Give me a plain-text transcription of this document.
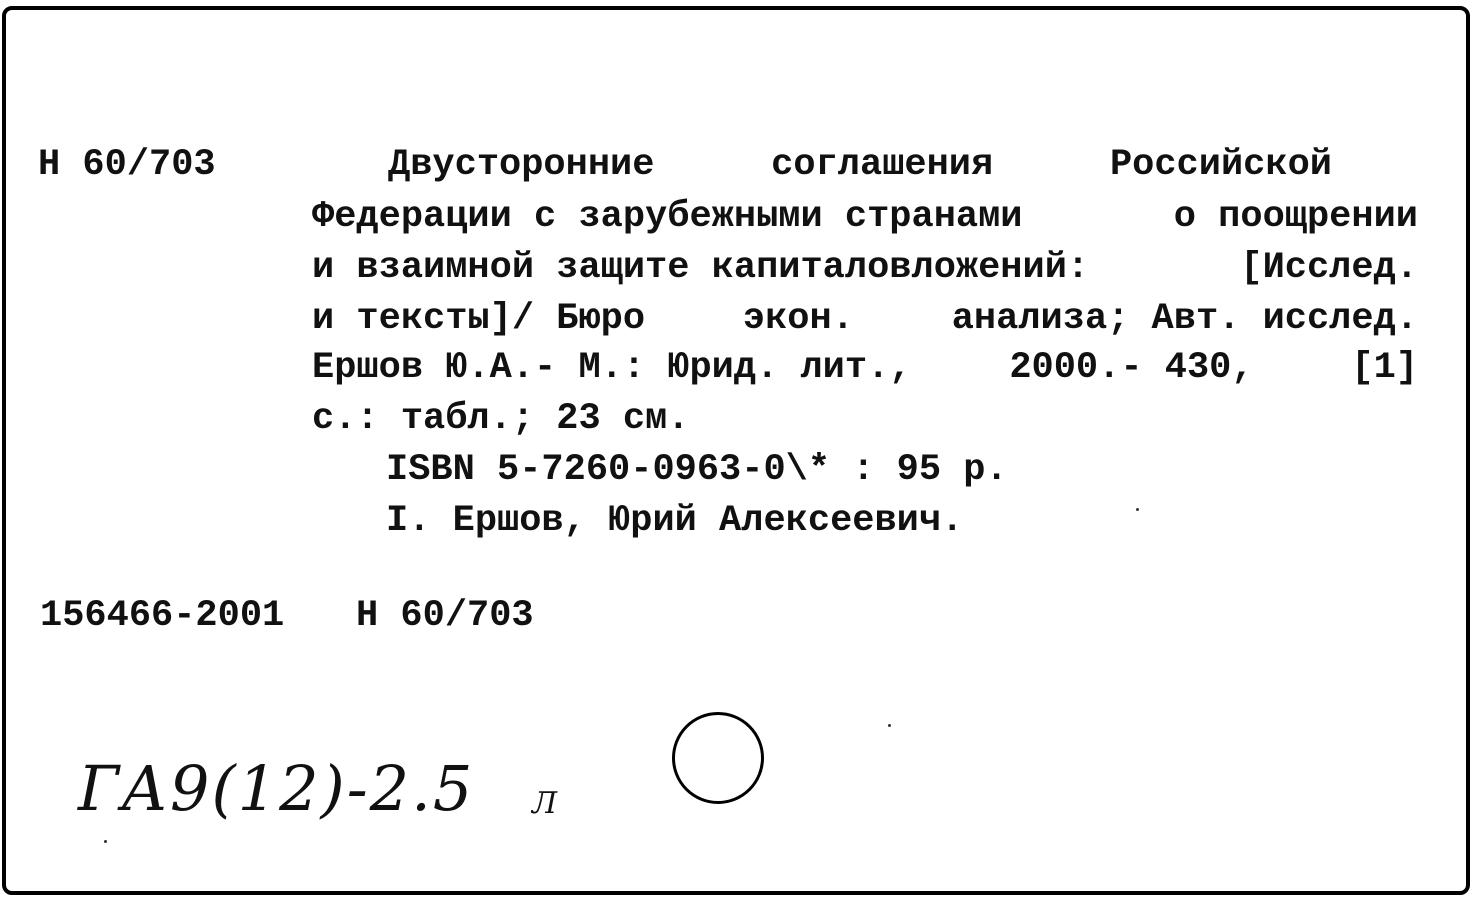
Н 60/703	Двусторонние	соглашения	Российской

Федерации с зарубежными странами	о поощрении

и взаимной защите капиталовложений:	[Исслед.

и тексты]/ Бюро	экон.	анализа; Авт. исслед.

Ершов Ю.А.- М.: Юрид. лит.,	2000.- 430,	[1]

с.: табл.; 23 см.

ISBN 5-7260-0963-0\* : 95 р.

I. Ершов, Юрий Алексеевич.

156466-2001 Н 60/703

ГА9(12)-2.5 Л
